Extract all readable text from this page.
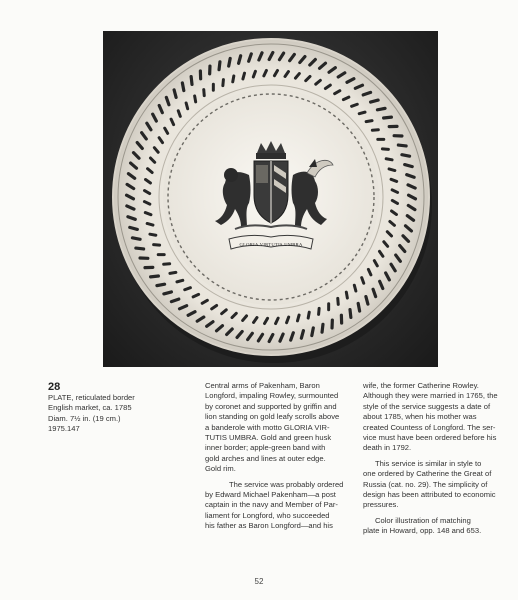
GLORIA VIRTUTIS UMBRA
28
PLATE, reticulated border
English market, ca. 1785
Diam. 7½ in. (19 cm.)
1975.147

Central arms of Pakenham, Baron
Longford, impaling Rowley, surmounted
by coronet and supported by griffin and
lion standing on gold leafy scrolls above
a banderole with motto GLORIA VIR-
TUTIS UMBRA. Gold and green husk
inner border; apple-green band with
gold arches and lines at outer edge.
Gold rim.

The service was probably ordered
by Edward Michael Pakenham—a post
captain in the navy and Member of Par-
liament for Longford, who succeeded
his father as Baron Longford—and his

wife, the former Catherine Rowley.
Although they were married in 1765, the
style of the service suggests a date of
about 1785, when his mother was
created Countess of Longford. The ser-
vice must have been ordered before his
death in 1792.

This service is similar in style to
one ordered by Catherine the Great of
Russia (cat. no. 29). The simplicity of
design has been attributed to economic
pressures.

Color illustration of matching
plate in Howard, opp. 148 and 653.

52
